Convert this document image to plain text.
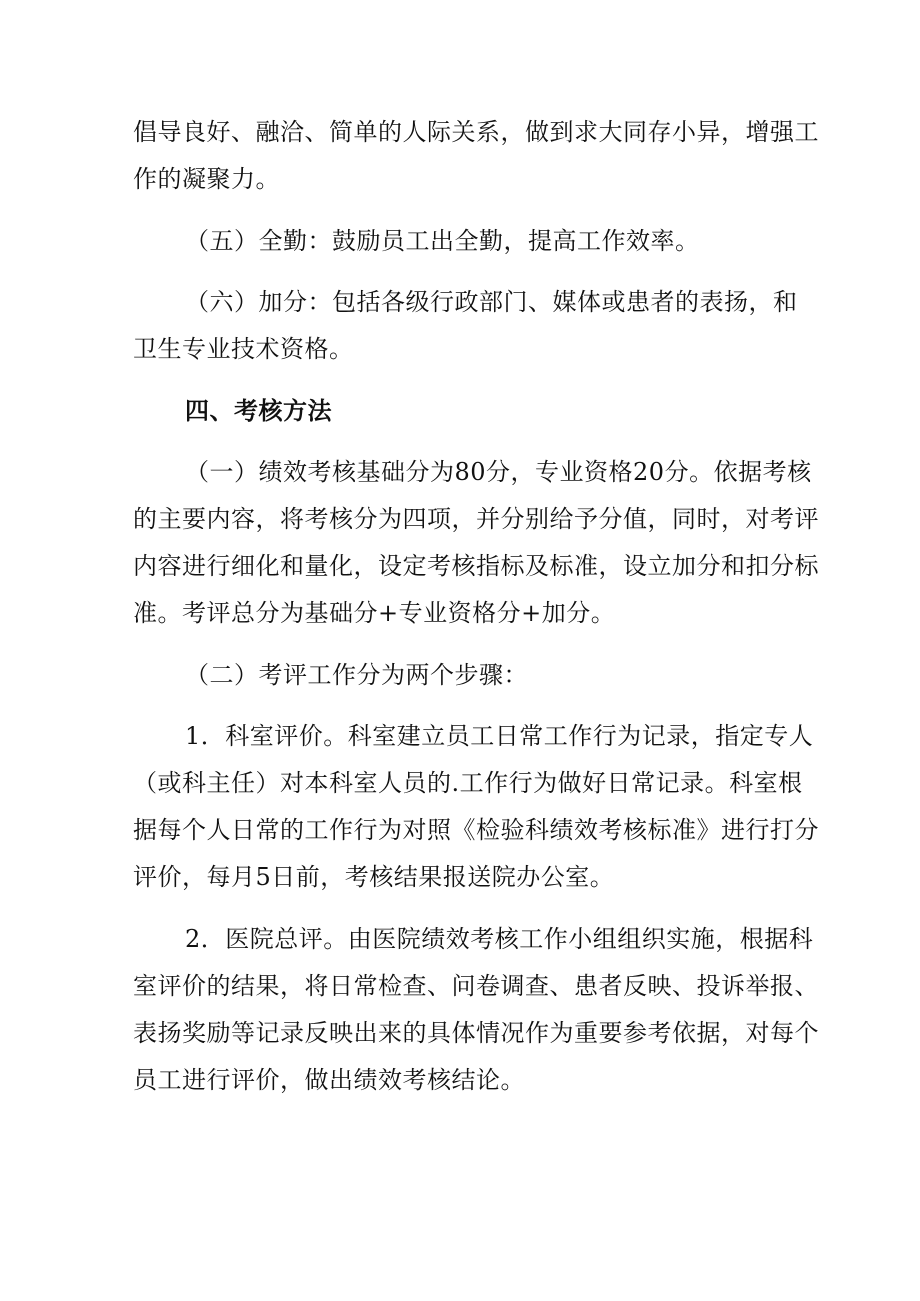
倡导良好、融洽、简单的人际关系，做到求大同存小异，增强工
作的凝聚力。
（五）全勤：鼓励员工出全勤，提高工作效率。
（六）加分：包括各级行政部门、媒体或患者的表扬，和
卫生专业技术资格。
四、考核方法
（一）绩效考核基础分为80分，专业资格20分。依据考核
的主要内容，将考核分为四项，并分别给予分值，同时，对考评
内容进行细化和量化，设定考核指标及标准，设立加分和扣分标
准。考评总分为基础分+专业资格分+加分。
（二）考评工作分为两个步骤：
1．科室评价。科室建立员工日常工作行为记录，指定专人
（或科主任）对本科室人员的.工作行为做好日常记录。科室根
据每个人日常的工作行为对照《检验科绩效考核标准》进行打分
评价，每月5日前，考核结果报送院办公室。
2．医院总评。由医院绩效考核工作小组组织实施，根据科
室评价的结果，将日常检查、问卷调查、患者反映、投诉举报、
表扬奖励等记录反映出来的具体情况作为重要参考依据，对每个
员工进行评价，做出绩效考核结论。
